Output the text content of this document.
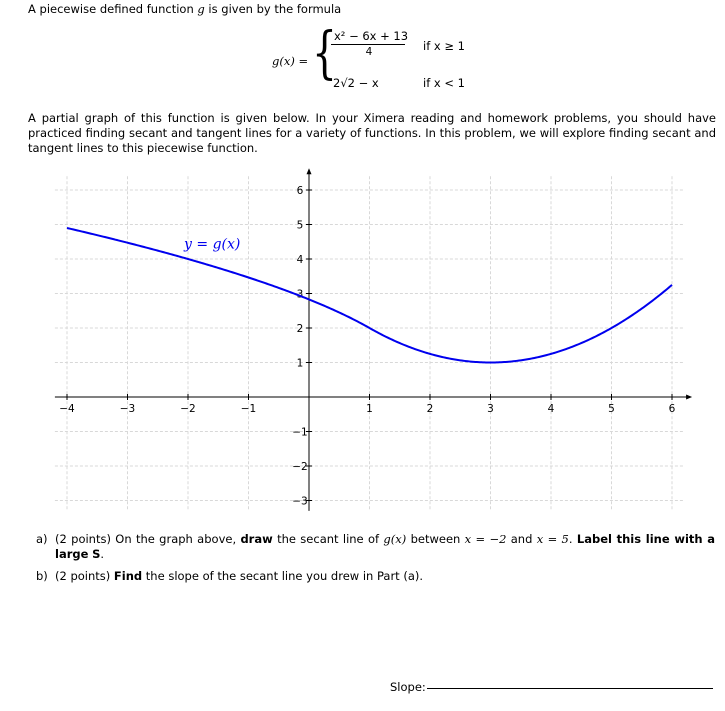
A piecewise defined function g is given by the formula
g(x) = {
x² − 6x + 13
4	if x ≥ 1
2√2 − x	if x < 1
A partial graph of this function is given below. In your Ximera reading and homework problems, you should have practiced finding secant and tangent lines for a variety of functions. In this problem, we will explore finding secant and tangent lines to this piecewise function.
−4	−3	−2	−1	1	2	3	4	5	6
−3
−2
−1
1
2
3
4
5
6
y = g(x)
a) (2 points) On the graph above, draw the secant line of g(x) between x = −2 and x = 5. Label this line with a large S.
b) (2 points) Find the slope of the secant line you drew in Part (a).
Slope:
